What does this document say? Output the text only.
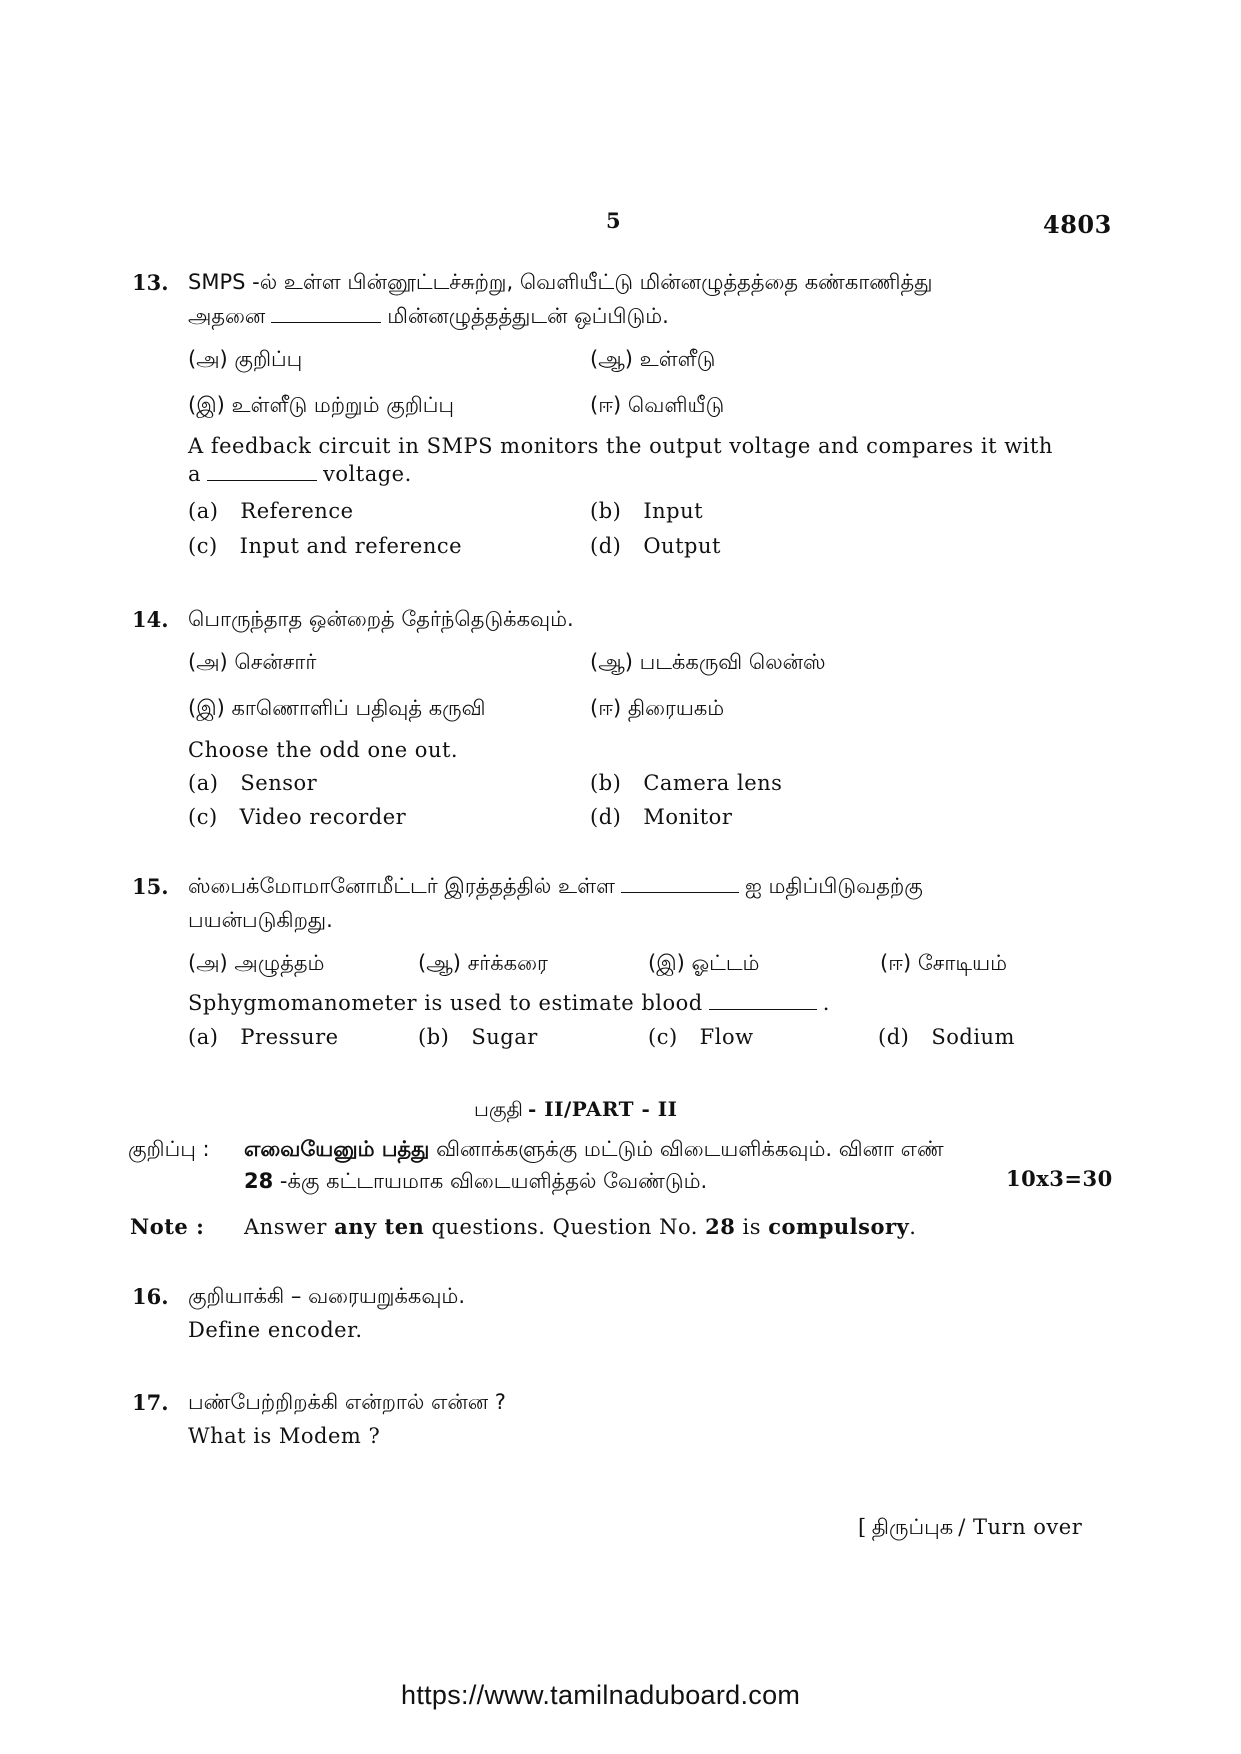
5	4803
13. SMPS -ல் உள்ள பின்னூட்டச்சுற்று, வெளியீட்டு மின்னழுத்தத்தை கண்காணித்து
அதனை	மின்னழுத்தத்துடன் ஒப்பிடும்.
(அ) குறிப்பு	(ஆ) உள்ளீடு
(இ) உள்ளீடு மற்றும் குறிப்பு	(ஈ) வெளியீடு
A feedback circuit in SMPS monitors the output voltage and compares it with
a	voltage.
(a) Reference	(b) Input
(c) Input and reference	(d) Output
14. பொருந்தாத ஒன்றைத் தேர்ந்தெடுக்கவும்.
(அ) சென்சார்	(ஆ) படக்கருவி லென்ஸ்
(இ) காணொளிப் பதிவுத் கருவி	(ஈ) திரையகம்
Choose the odd one out.
(a) Sensor	(b) Camera lens
(c) Video recorder	(d) Monitor
15. ஸ்பைக்மோமானோமீட்டர் இரத்தத்தில் உள்ள	ஐ மதிப்பிடுவதற்கு
பயன்படுகிறது.
(அ) அழுத்தம்	(ஆ) சர்க்கரை	(இ) ஓட்டம்	(ஈ) சோடியம்
Sphygmomanometer is used to estimate blood	.
(a) Pressure	(b) Sugar	(c) Flow	(d) Sodium
பகுதி - II/PART - II
குறிப்பு : எவையேனும் பத்து வினாக்களுக்கு மட்டும் விடையளிக்கவும். வினா எண்
28 -க்கு கட்டாயமாக விடையளித்தல் வேண்டும்.	10x3=30
Note : Answer any ten questions. Question No. 28 is compulsory.
16. குறியாக்கி – வரையறுக்கவும்.
Define encoder.
17. பண்பேற்றிறக்கி என்றால் என்ன ?
What is Modem ?
[ திருப்புக / Turn over
https://www.tamilnaduboard.com
